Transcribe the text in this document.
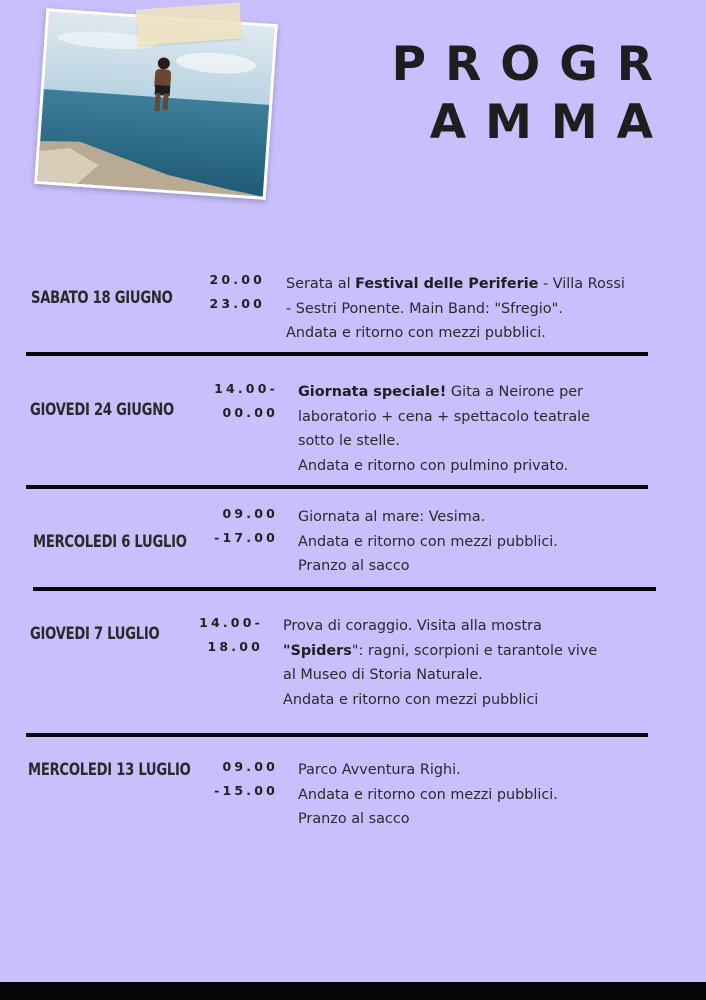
PROGR
AMMA
SABATO 18 GIUGNO
20.00
23.00
Serata al Festival delle Periferie - Villa Rossi
- Sestri Ponente. Main Band: "Sfregio".
Andata e ritorno con mezzi pubblici.
GIOVEDI 24 GIUGNO
14.00-
00.00
Giornata speciale! Gita a Neirone per
laboratorio + cena + spettacolo teatrale
sotto le stelle.
Andata e ritorno con pulmino privato.
MERCOLEDI 6 LUGLIO
09.00
-17.00
Giornata al mare: Vesima.
Andata e ritorno con mezzi pubblici.
Pranzo al sacco
GIOVEDI 7 LUGLIO
14.00-
18.00
Prova di coraggio. Visita alla mostra
"Spiders": ragni, scorpioni e tarantole vive
al Museo di Storia Naturale.
Andata e ritorno con mezzi pubblici
MERCOLEDI 13 LUGLIO	09.00
-15.00
Parco Avventura Righi.
Andata e ritorno con mezzi pubblici.
Pranzo al sacco
